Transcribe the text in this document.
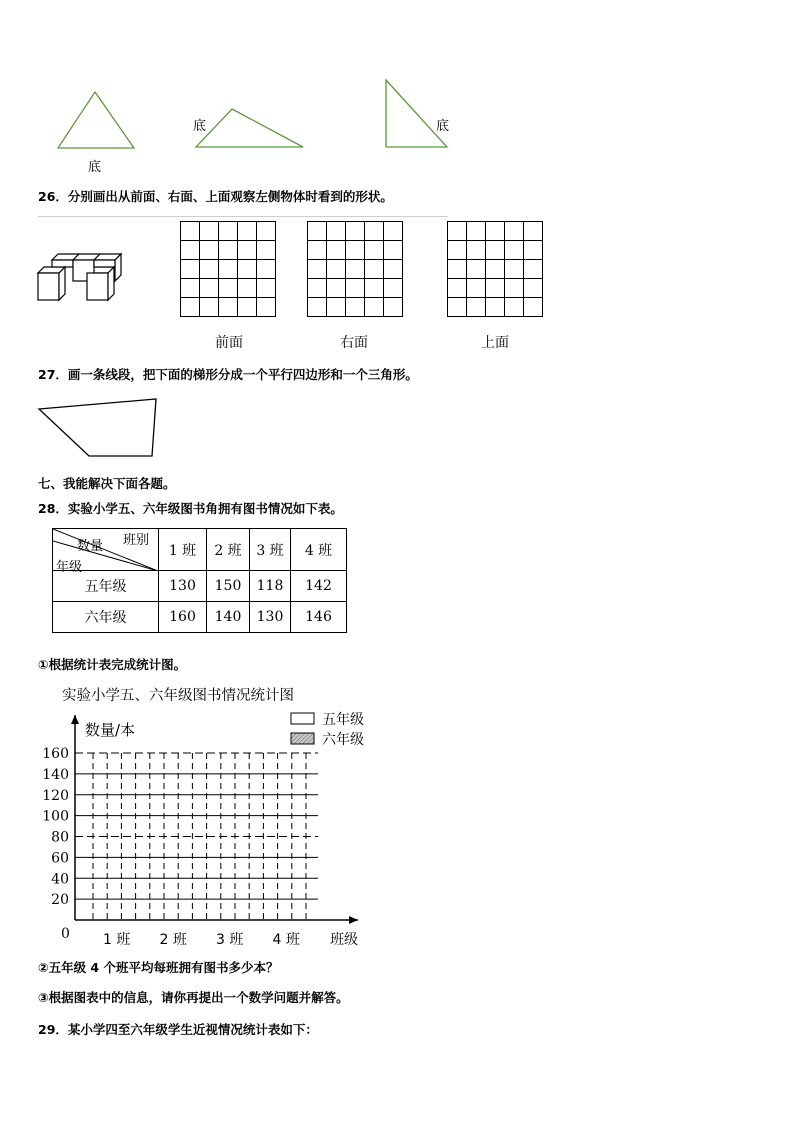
底
底	底
26．分别画出从前面、右面、上面观察左侧物体时看到的形状。
前面	右面	上面
27．画一条线段，把下面的梯形分成一个平行四边形和一个三角形。
七、我能解决下面各题。
28．实验小学五、六年级图书角拥有图书情况如下表。
班别
数量
年级	1 班	2 班	3 班	4 班
五年级	130	150	118	142
六年级	160	140	130	146
①根据统计表完成统计图。
实验小学五、六年级图书情况统计图
20
40
60
80
100
120
140
160
0
数量/本
班级
1 班 2 班 3 班 4 班
五年级
六年级
②五年级 4 个班平均每班拥有图书多少本？
③根据图表中的信息，请你再提出一个数学问题并解答。
29．某小学四至六年级学生近视情况统计表如下：
